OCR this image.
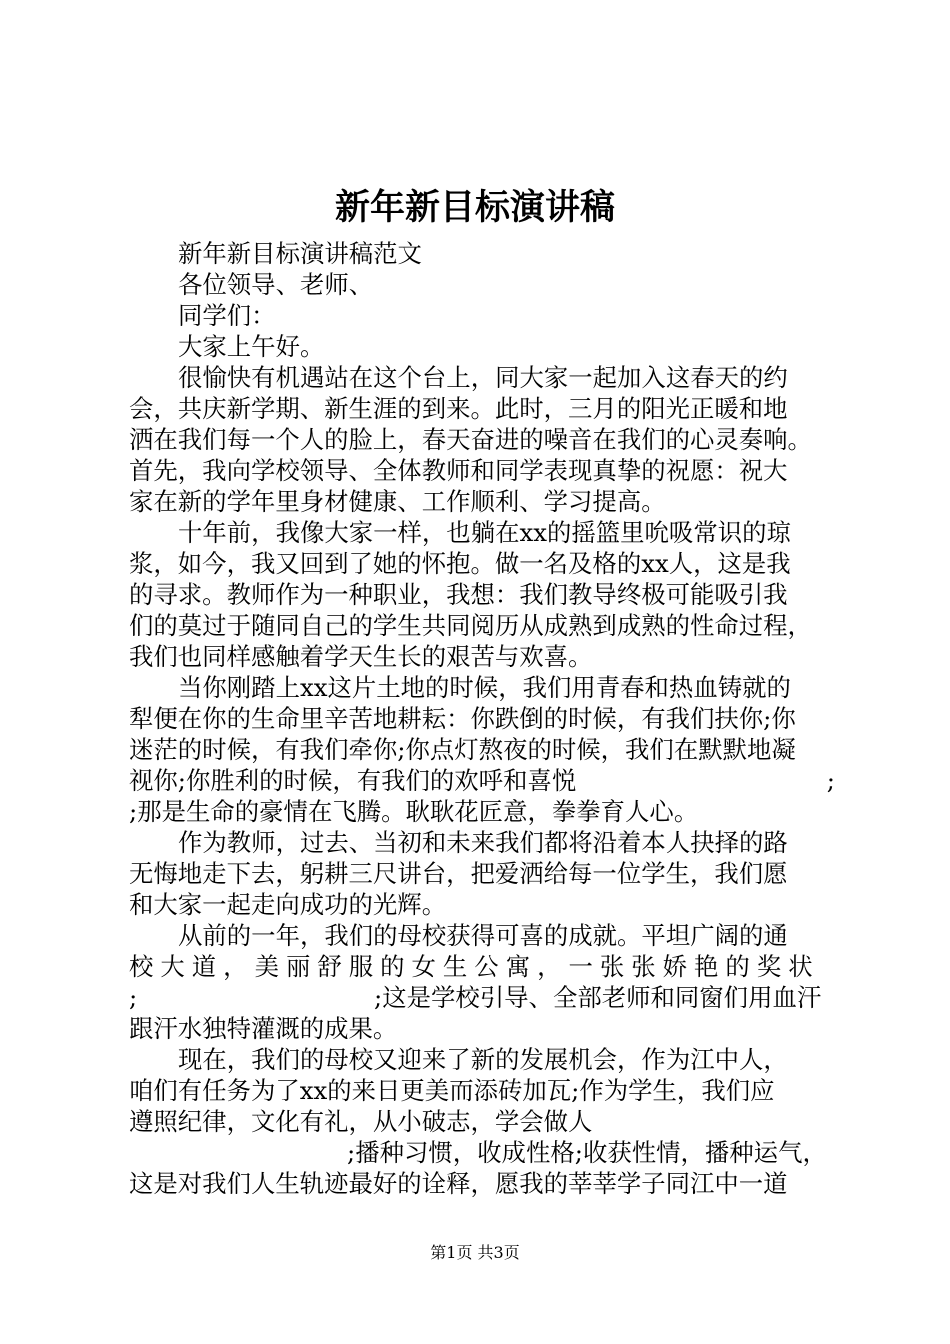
新年新目标演讲稿
新年新目标演讲稿范文
各位领导、老师、
同学们：
大家上午好。
很愉快有机遇站在这个台上，同大家一起加入这春天的约
会，共庆新学期、新生涯的到来。此时，三月的阳光正暖和地
洒在我们每一个人的脸上，春天奋进的噪音在我们的心灵奏响。
首先，我向学校领导、全体教师和同学表现真挚的祝愿：祝大
家在新的学年里身材健康、工作顺利、学习提高。
十年前，我像大家一样，也躺在xx的摇篮里吮吸常识的琼
浆，如今，我又回到了她的怀抱。做一名及格的xx人，这是我
的寻求。教师作为一种职业，我想：我们教导终极可能吸引我
们的莫过于随同自己的学生共同阅历从成熟到成熟的性命过程，
我们也同样感触着学天生长的艰苦与欢喜。
当你刚踏上xx这片土地的时候，我们用青春和热血铸就的
犁便在你的生命里辛苦地耕耘：你跌倒的时候，有我们扶你;你
迷茫的时候，有我们牵你;你点灯熬夜的时候，我们在默默地凝
视你;你胜利的时候，有我们的欢呼和喜悦	;
;那是生命的豪情在飞腾。耿耿花匠意，拳拳育人心。
作为教师，过去、当初和未来我们都将沿着本人抉择的路
无悔地走下去，躬耕三尺讲台，把爱洒给每一位学生，我们愿
和大家一起走向成功的光辉。
从前的一年，我们的母校获得可喜的成就。平坦广阔的通
校大道，美丽舒服的女生公寓，一张张娇艳的奖状
;	;这是学校引导、全部老师和同窗们用血汗
跟汗水独特灌溉的成果。
现在，我们的母校又迎来了新的发展机会，作为江中人，
咱们有任务为了xx的来日更美而添砖加瓦;作为学生，我们应
遵照纪律，文化有礼，从小破志，学会做人
;播种习惯，收成性格;收获性情，播种运气，
这是对我们人生轨迹最好的诠释，愿我的莘莘学子同江中一道
第1页 共3页
